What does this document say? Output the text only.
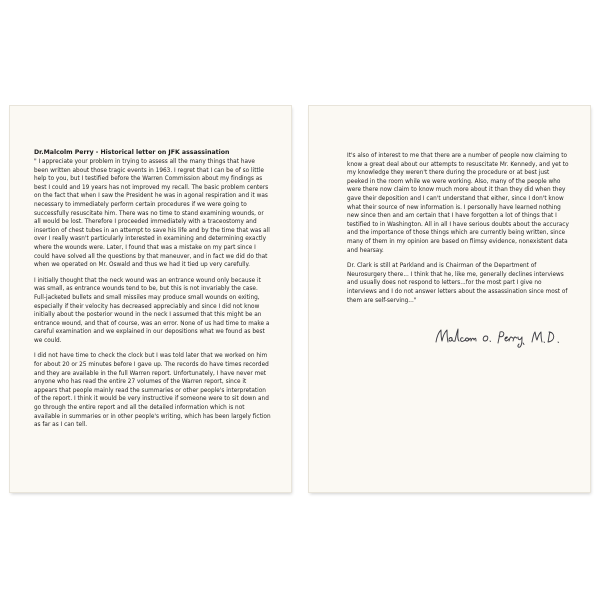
Dr.Malcolm Perry - Historical letter on JFK assassination

" I appreciate your problem in trying to assess all the many things that have been written about those tragic events in 1963. I regret that I can be of so little help to you, but I testified before the Warren Commission about my findings as best I could and 19 years has not improved my recall. The basic problem centers on the fact that when I saw the President he was in agonal respiration and it was necessary to immediately perform certain procedures if we were going to successfully resuscitate him. There was no time to stand examining wounds, or all would be lost. Therefore I proceeded immediately with a traceostomy and insertion of chest tubes in an attempt to save his life and by the time that was all over I really wasn't particularly interested in examining and determining exactly where the wounds were. Later, I found that was a mistake on my part since I could have solved all the questions by that maneuver, and in fact we did do that when we operated on Mr. Oswald and thus we had it tied up very carefully.

I initially thought that the neck wound was an entrance wound only because it was small, as entrance wounds tend to be, but this is not invariably the case. Full-jacketed bullets and small missiles may produce small wounds on exiting, especially if their velocity has decreased appreciably and since I did not know initially about the posterior wound in the neck I assumed that this might be an entrance wound, and that of course, was an error. None of us had time to make a careful examination and we explained in our depositions what we found as best we could.

I did not have time to check the clock but I was told later that we worked on him for about 20 or 25 minutes before I gave up. The records do have times recorded and they are available in the full Warren report. Unfortunately, I have never met anyone who has read the entire 27 volumes of the Warren report, since it appears that people mainly read the summaries or other people's interpretation of the report. I think it would be very instructive if someone were to sit down and go through the entire report and all the detailed information which is not available in summaries or in other people's writing, which has been largely fiction as far as I can tell.

It's also of interest to me that there are a number of people now claiming to know a great deal about our attempts to resuscitate Mr. Kennedy, and yet to my knowledge they weren't there during the procedure or at best just peeked in the room while we were working. Also, many of the people who were there now claim to know much more about it than they did when they gave their deposition and I can't understand that either, since I don't know what their source of new information is. I personally have learned nothing new since then and am certain that I have forgotten a lot of things that I testified to in Washington. All in all I have serious doubts about the accuracy and the importance of those things which are currently being written, since many of them in my opinion are based on flimsy evidence, nonexistent data and hearsay.

Dr. Clark is still at Parkland and is Chairman of the Department of Neurosurgery there... I think that he, like me, generally declines interviews and usually does not respond to letters...for the most part I give no interviews and I do not answer letters about the assassination since most of them are self-serving..."
